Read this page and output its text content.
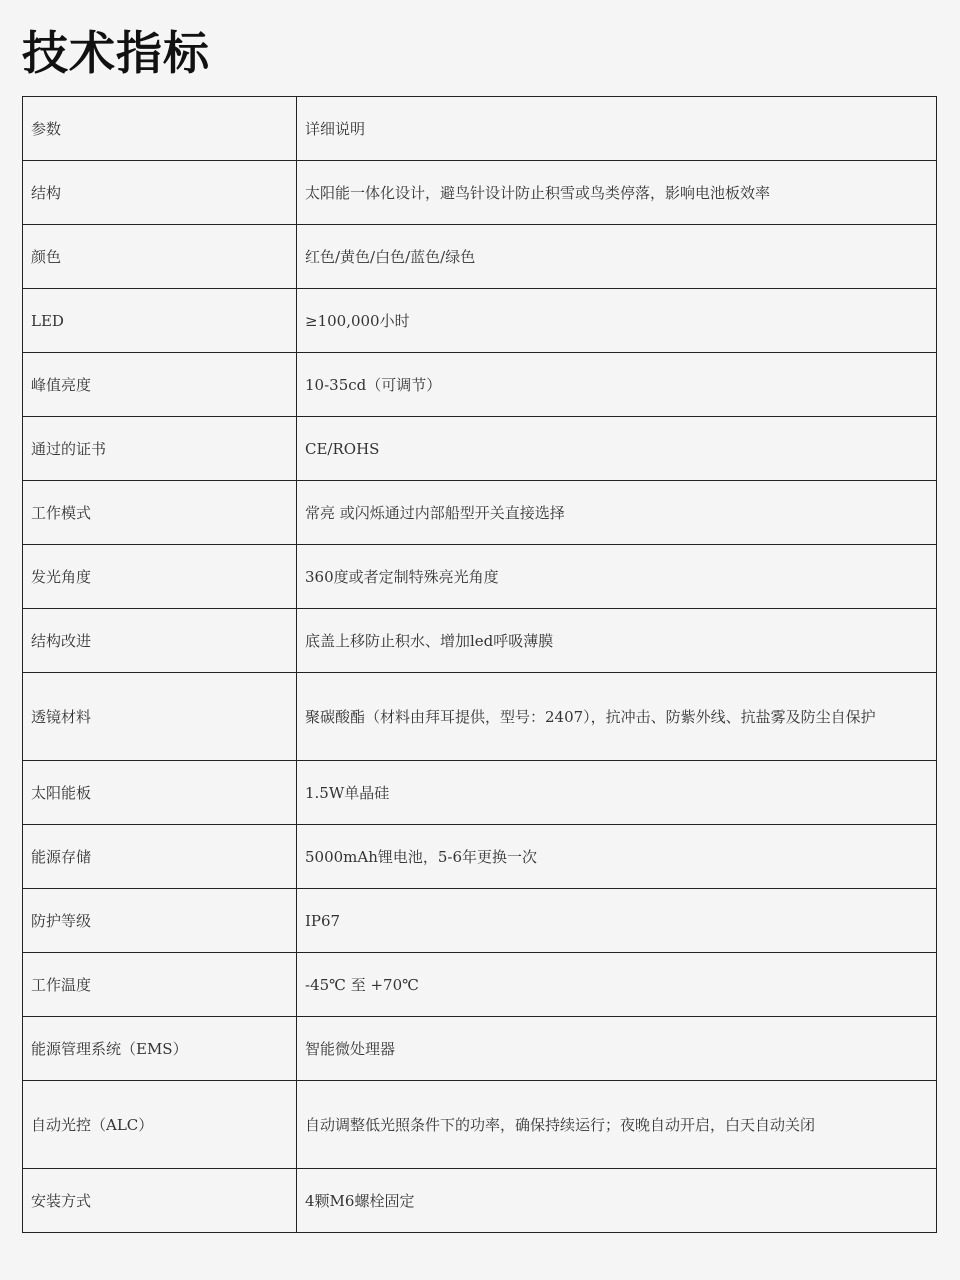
技术指标
参数	详细说明
结构	太阳能一体化设计，避鸟针设计防止积雪或鸟类停落，影响电池板效率
颜色	红色/黄色/白色/蓝色/绿色
LED	≥100,000小时
峰值亮度	10-35cd（可调节）
通过的证书	CE/ROHS
工作模式	常亮 或闪烁通过内部船型开关直接选择
发光角度	360度或者定制特殊亮光角度
结构改进	底盖上移防止积水、增加led呼吸薄膜
透镜材料	聚碳酸酯（材料由拜耳提供，型号：2407），抗冲击、防紫外线、抗盐雾及防尘自保护
太阳能板	1.5W单晶硅
能源存储	5000mAh锂电池，5-6年更换一次
防护等级	IP67
工作温度	-45℃ 至 +70℃
能源管理系统（EMS）	智能微处理器
自动光控（ALC）	自动调整低光照条件下的功率，确保持续运行；夜晚自动开启，白天自动关闭
安装方式	4颗M6螺栓固定
